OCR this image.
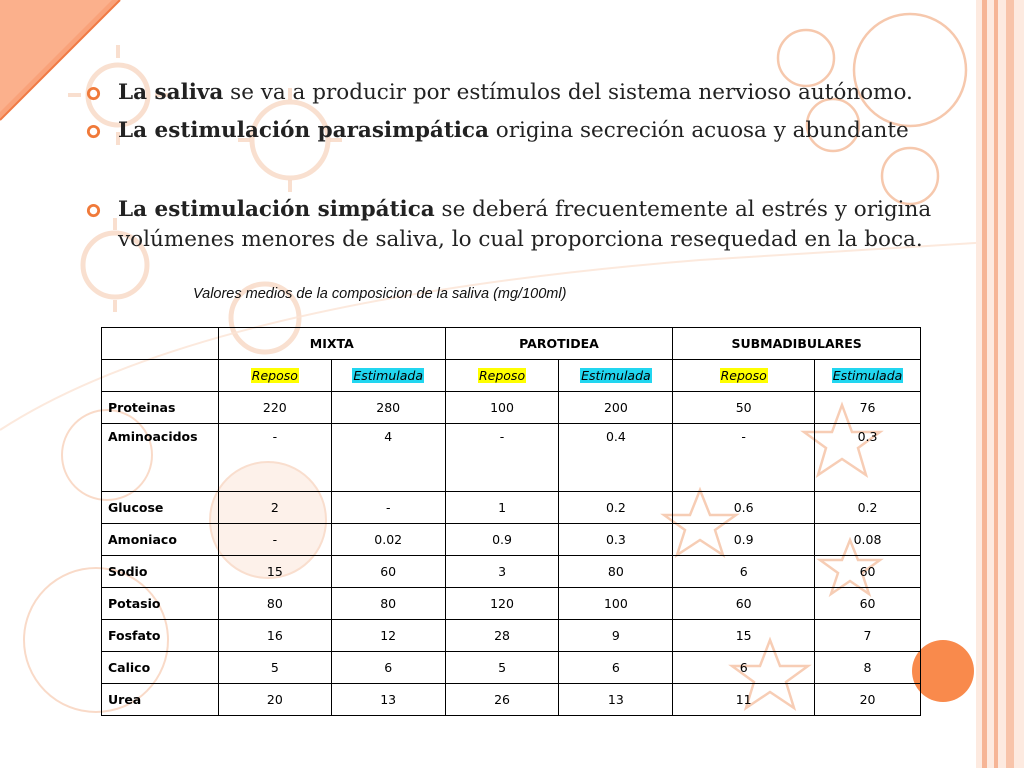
La saliva se va a producir por estímulos del sistema nervioso autónomo.
La estimulación parasimpática origina secreción acuosa y abundante
La estimulación simpática se deberá frecuentemente al estrés y origina volúmenes menores de saliva, lo cual proporciona resequedad en la boca.
Valores medios de la composicion de la saliva (mg/100ml)
	MIXTA		PAROTIDEA		SUBMADIBULARES	
	Reposo	Estimulada	Reposo	Estimulada	Reposo	Estimulada
Proteinas	220	280	100	200	50	76
Aminoacidos	-	4	-	0.4	-	0.3
Glucose	2	-	1	0.2	0.6	0.2
Amoniaco	-	0.02	0.9	0.3	0.9	0.08
Sodio	15	60	3	80	6	60
Potasio	80	80	120	100	60	60
Fosfato	16	12	28	9	15	7
Calico	5	6	5	6	6	8
Urea	20	13	26	13	11	20
